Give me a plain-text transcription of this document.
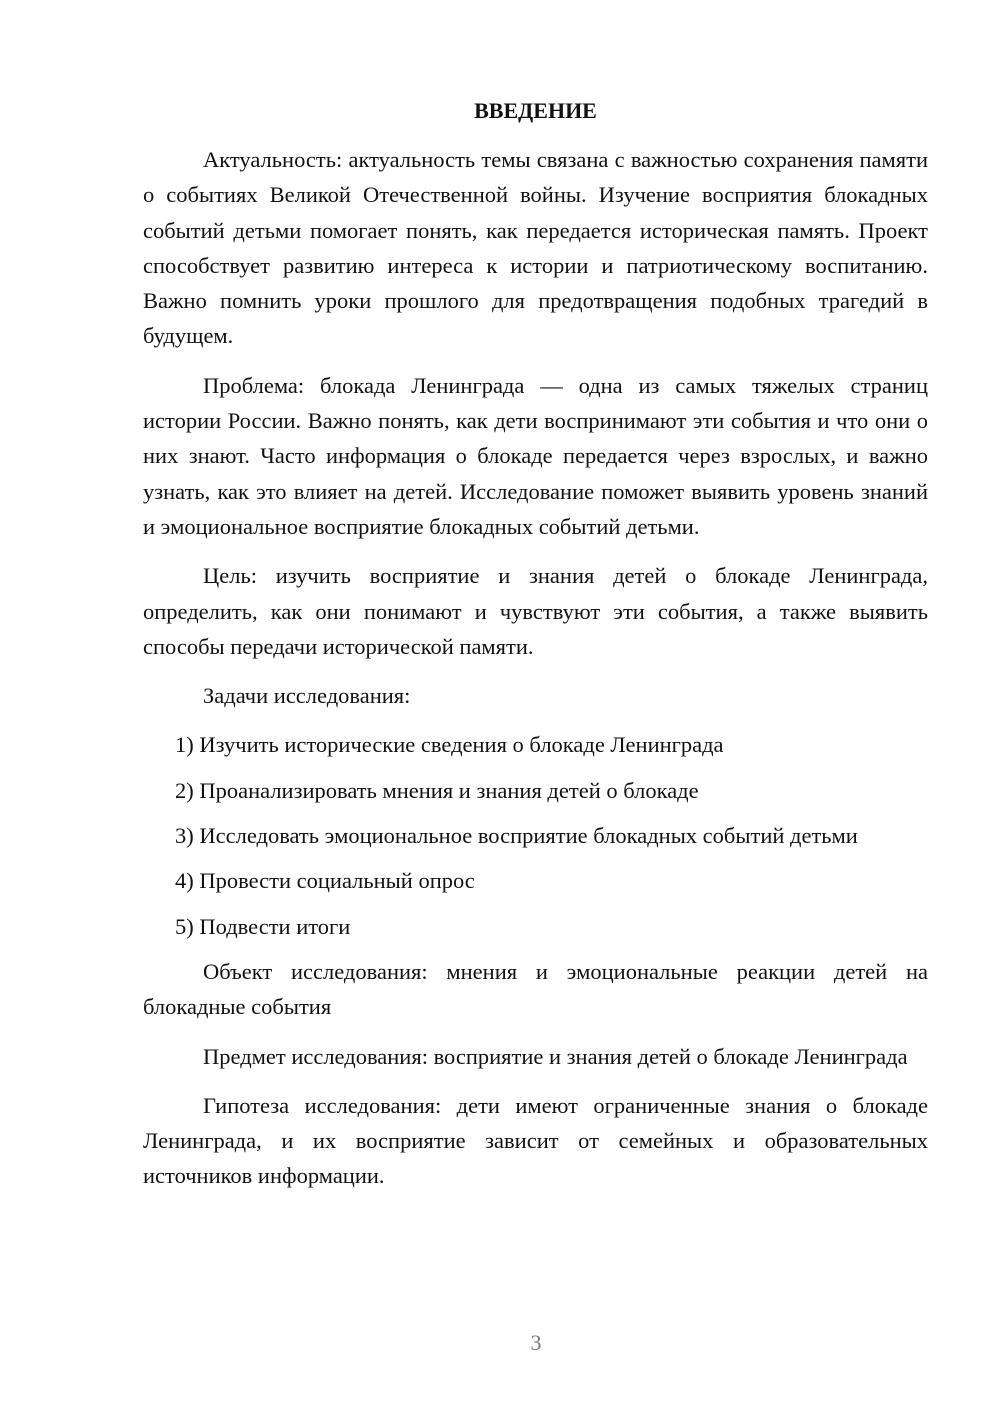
ВВЕДЕНИЕ

Актуальность: актуальность темы связана с важностью сохранения памяти о событиях Великой Отечественной войны. Изучение восприятия блокадных событий детьми помогает понять, как передается историческая память. Проект способствует развитию интереса к истории и патриотическому воспитанию. Важно помнить уроки прошлого для предотвращения подобных трагедий в будущем.

Проблема: блокада Ленинграда — одна из самых тяжелых страниц истории России. Важно понять, как дети воспринимают эти события и что они о них знают. Часто информация о блокаде передается через взрослых, и важно узнать, как это влияет на детей. Исследование поможет выявить уровень знаний и эмоциональное восприятие блокадных событий детьми.

Цель: изучить восприятие и знания детей о блокаде Ленинграда, определить, как они понимают и чувствуют эти события, а также выявить способы передачи исторической памяти.

Задачи исследования:

1) Изучить исторические сведения о блокаде Ленинграда

2) Проанализировать мнения и знания детей о блокаде

3) Исследовать эмоциональное восприятие блокадных событий детьми

4) Провести социальный опрос

5) Подвести итоги

Объект исследования: мнения и эмоциональные реакции детей на блокадные события

Предмет исследования: восприятие и знания детей о блокаде Ленинграда

Гипотеза исследования: дети имеют ограниченные знания о блокаде Ленинграда, и их восприятие зависит от семейных и образовательных источников информации.

3
